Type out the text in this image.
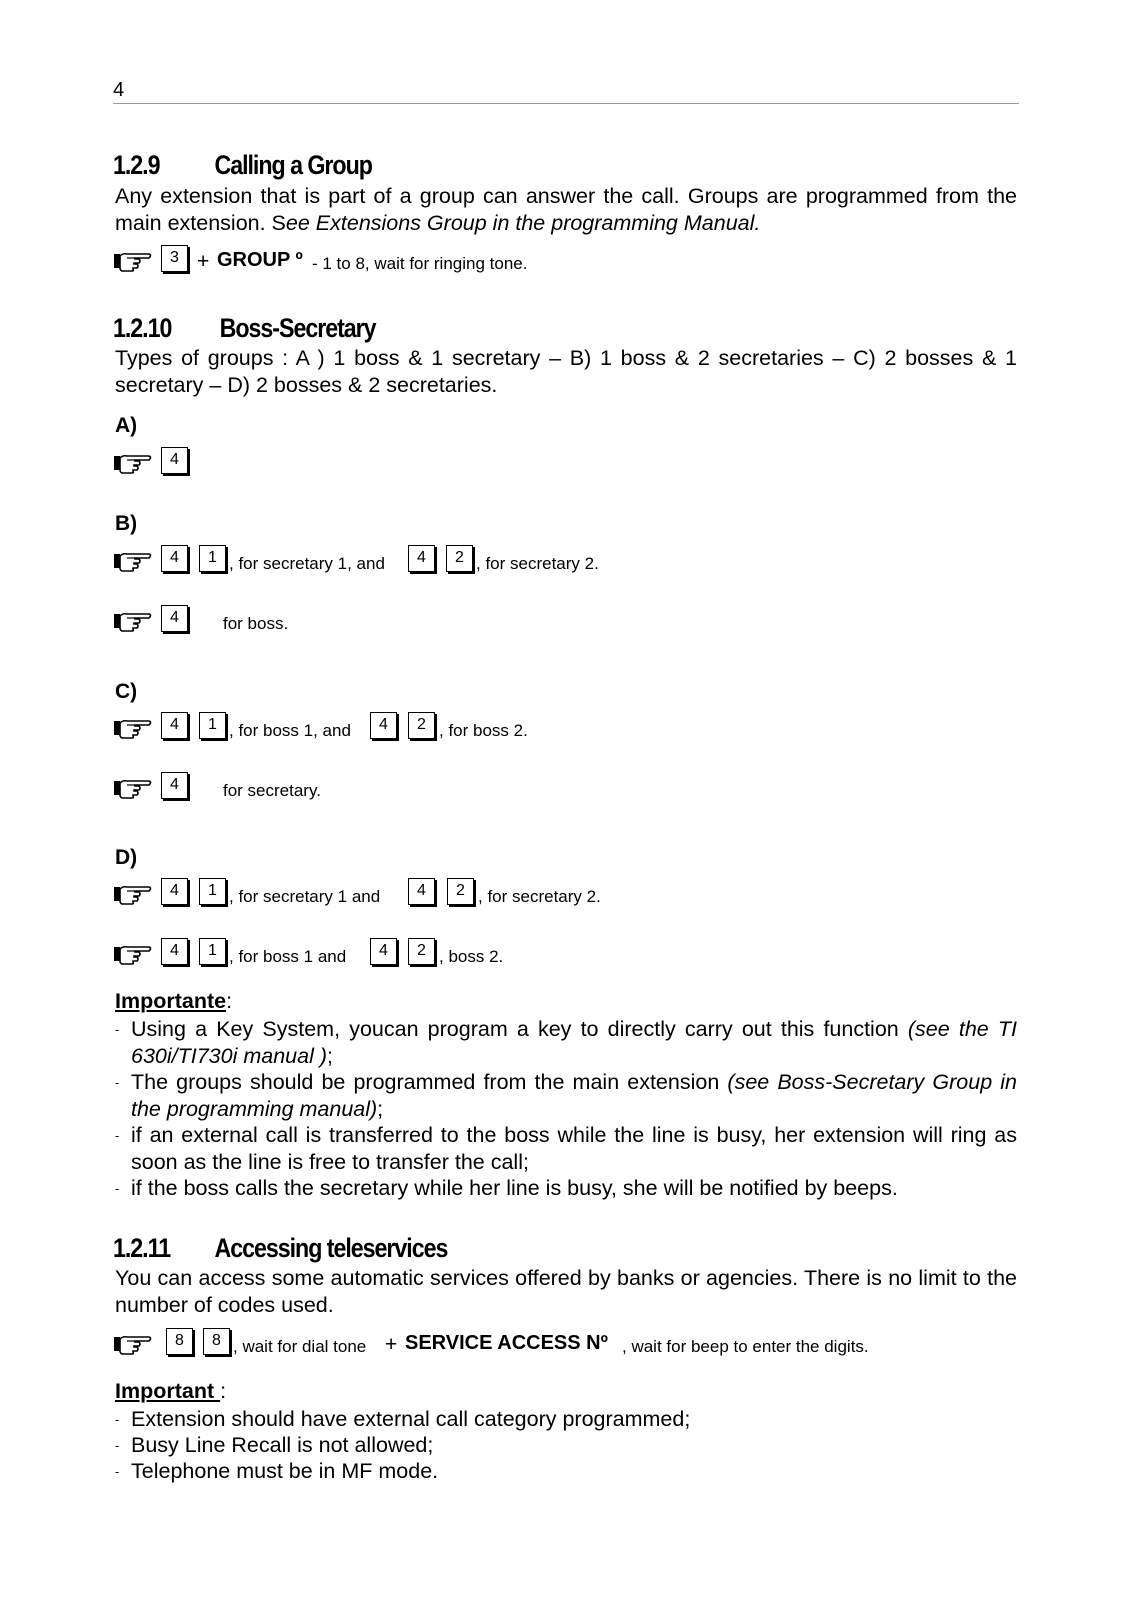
4
1.2.9 Calling a Group
Any extension that is part of a group can answer the call. Groups are programmed from the main extension. See Extensions Group in the programming Manual.
3 + GROUP º - 1 to 8, wait for ringing tone.
1.2.10 Boss-Secretary
Types of groups : A ) 1 boss & 1 secretary – B) 1 boss & 2 secretaries – C) 2 bosses & 1 secretary – D) 2 bosses & 2 secretaries.
A)
4
B)
4	1 , for secretary 1, and	4	2 , for secretary 2.
4	for boss.
C)
4	1 , for boss 1, and	4	2 , for boss 2.
4	for secretary.
D)
4	1 , for secretary 1 and	4	2 , for secretary 2.
4	1 , for boss 1 and	4	2 , boss 2.
Importante:
- Using a Key System, youcan program a key to directly carry out this function (see the TI 630i/TI730i manual );
- The groups should be programmed from the main extension (see Boss-Secretary Group in the programming manual);
- if an external call is transferred to the boss while the line is busy, her extension will ring as soon as the line is free to transfer the call;
- if the boss calls the secretary while her line is busy, she will be notified by beeps.
1.2.11 Accessing teleservices
You can access some automatic services offered by banks or agencies. There is no limit to the number of codes used.
8	8 , wait for dial tone + SERVICE ACCESS Nº , wait for beep to enter the digits.
Important :
- Extension should have external call category programmed;
- Busy Line Recall is not allowed;
- Telephone must be in MF mode.
